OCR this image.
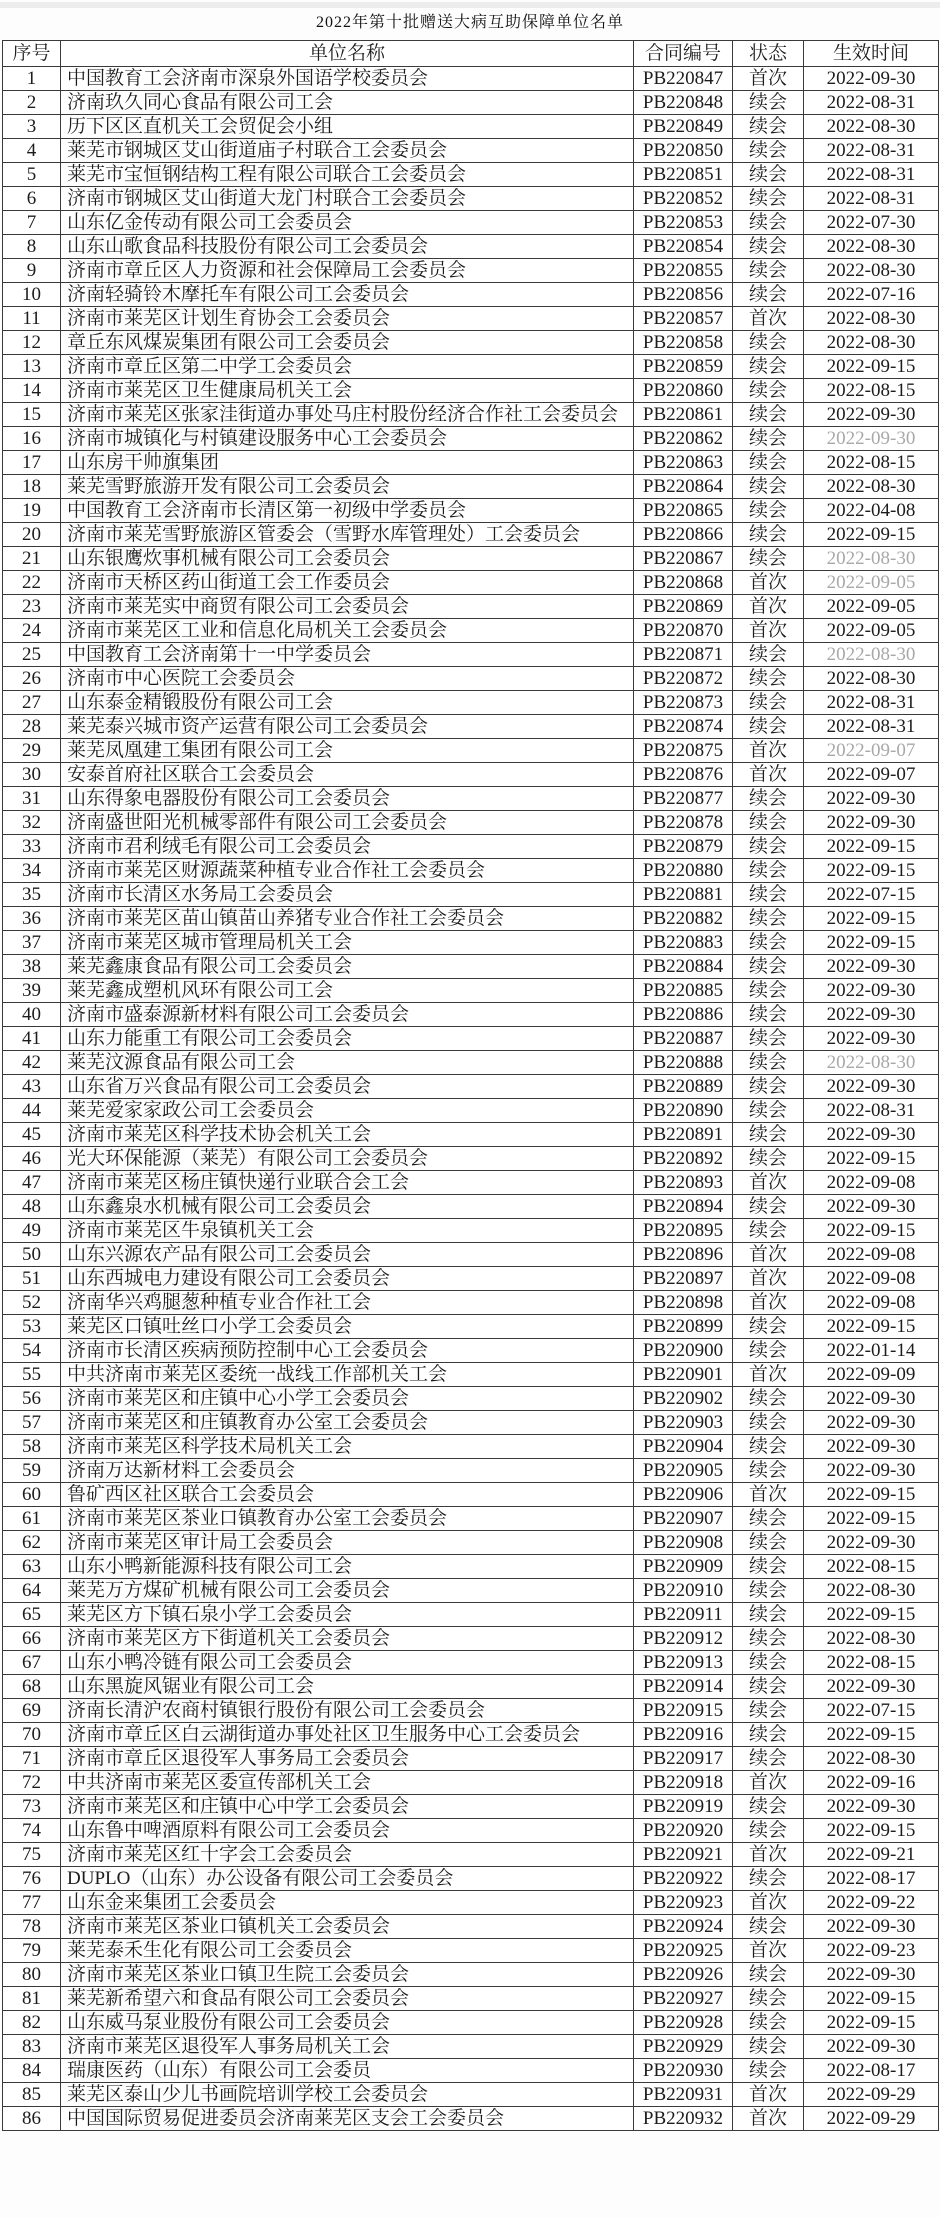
2022年第十批赠送大病互助保障单位名单
序号	单位名称	合同编号	状态	生效时间
1	中国教育工会济南市深泉外国语学校委员会	PB220847	首次	2022-09-30
2	济南玖久同心食品有限公司工会	PB220848	续会	2022-08-31
3	历下区区直机关工会贸促会小组	PB220849	续会	2022-08-30
4	莱芜市钢城区艾山街道庙子村联合工会委员会	PB220850	续会	2022-08-31
5	莱芜市宝恒钢结构工程有限公司联合工会委员会	PB220851	续会	2022-08-31
6	济南市钢城区艾山街道大龙门村联合工会委员会	PB220852	续会	2022-08-31
7	山东亿金传动有限公司工会委员会	PB220853	续会	2022-07-30
8	山东山歌食品科技股份有限公司工会委员会	PB220854	续会	2022-08-30
9	济南市章丘区人力资源和社会保障局工会委员会	PB220855	续会	2022-08-30
10	济南轻骑铃木摩托车有限公司工会委员会	PB220856	续会	2022-07-16
11	济南市莱芜区计划生育协会工会委员会	PB220857	首次	2022-08-30
12	章丘东风煤炭集团有限公司工会委员会	PB220858	续会	2022-08-30
13	济南市章丘区第二中学工会委员会	PB220859	续会	2022-09-15
14	济南市莱芜区卫生健康局机关工会	PB220860	续会	2022-08-15
15	济南市莱芜区张家洼街道办事处马庄村股份经济合作社工会委员会	PB220861	续会	2022-09-30
16	济南市城镇化与村镇建设服务中心工会委员会	PB220862	续会	2022-09-30
17	山东房干帅旗集团	PB220863	续会	2022-08-15
18	莱芜雪野旅游开发有限公司工会委员会	PB220864	续会	2022-08-30
19	中国教育工会济南市长清区第一初级中学委员会	PB220865	续会	2022-04-08
20	济南市莱芜雪野旅游区管委会（雪野水库管理处）工会委员会	PB220866	续会	2022-09-15
21	山东银鹰炊事机械有限公司工会委员会	PB220867	续会	2022-08-30
22	济南市天桥区药山街道工会工作委员会	PB220868	首次	2022-09-05
23	济南市莱芜实中商贸有限公司工会委员会	PB220869	首次	2022-09-05
24	济南市莱芜区工业和信息化局机关工会委员会	PB220870	首次	2022-09-05
25	中国教育工会济南第十一中学委员会	PB220871	续会	2022-08-30
26	济南市中心医院工会委员会	PB220872	续会	2022-08-30
27	山东泰金精锻股份有限公司工会	PB220873	续会	2022-08-31
28	莱芜泰兴城市资产运营有限公司工会委员会	PB220874	续会	2022-08-31
29	莱芜凤凰建工集团有限公司工会	PB220875	首次	2022-09-07
30	安泰首府社区联合工会委员会	PB220876	首次	2022-09-07
31	山东得象电器股份有限公司工会委员会	PB220877	续会	2022-09-30
32	济南盛世阳光机械零部件有限公司工会委员会	PB220878	续会	2022-09-30
33	济南市君利绒毛有限公司工会委员会	PB220879	续会	2022-09-15
34	济南市莱芜区财源蔬菜种植专业合作社工会委员会	PB220880	续会	2022-09-15
35	济南市长清区水务局工会委员会	PB220881	续会	2022-07-15
36	济南市莱芜区苗山镇苗山养猪专业合作社工会委员会	PB220882	续会	2022-09-15
37	济南市莱芜区城市管理局机关工会	PB220883	续会	2022-09-15
38	莱芜鑫康食品有限公司工会委员会	PB220884	续会	2022-09-30
39	莱芜鑫成塑机风环有限公司工会	PB220885	续会	2022-09-30
40	济南市盛泰源新材料有限公司工会委员会	PB220886	续会	2022-09-30
41	山东力能重工有限公司工会委员会	PB220887	续会	2022-09-30
42	莱芜汶源食品有限公司工会	PB220888	续会	2022-08-30
43	山东省万兴食品有限公司工会委员会	PB220889	续会	2022-09-30
44	莱芜爱家家政公司工会委员会	PB220890	续会	2022-08-31
45	济南市莱芜区科学技术协会机关工会	PB220891	续会	2022-09-30
46	光大环保能源（莱芜）有限公司工会委员会	PB220892	续会	2022-09-15
47	济南市莱芜区杨庄镇快递行业联合会工会	PB220893	首次	2022-09-08
48	山东鑫泉水机械有限公司工会委员会	PB220894	续会	2022-09-30
49	济南市莱芜区牛泉镇机关工会	PB220895	续会	2022-09-15
50	山东兴源农产品有限公司工会委员会	PB220896	首次	2022-09-08
51	山东西城电力建设有限公司工会委员会	PB220897	首次	2022-09-08
52	济南华兴鸡腿葱种植专业合作社工会	PB220898	首次	2022-09-08
53	莱芜区口镇吐丝口小学工会委员会	PB220899	续会	2022-09-15
54	济南市长清区疾病预防控制中心工会委员会	PB220900	续会	2022-01-14
55	中共济南市莱芜区委统一战线工作部机关工会	PB220901	首次	2022-09-09
56	济南市莱芜区和庄镇中心小学工会委员会	PB220902	续会	2022-09-30
57	济南市莱芜区和庄镇教育办公室工会委员会	PB220903	续会	2022-09-30
58	济南市莱芜区科学技术局机关工会	PB220904	续会	2022-09-30
59	济南万达新材料工会委员会	PB220905	续会	2022-09-30
60	鲁矿西区社区联合工会委员会	PB220906	首次	2022-09-15
61	济南市莱芜区茶业口镇教育办公室工会委员会	PB220907	续会	2022-09-15
62	济南市莱芜区审计局工会委员会	PB220908	续会	2022-09-30
63	山东小鸭新能源科技有限公司工会	PB220909	续会	2022-08-15
64	莱芜万方煤矿机械有限公司工会委员会	PB220910	续会	2022-08-30
65	莱芜区方下镇石泉小学工会委员会	PB220911	续会	2022-09-15
66	济南市莱芜区方下街道机关工会委员会	PB220912	续会	2022-08-30
67	山东小鸭冷链有限公司工会委员会	PB220913	续会	2022-08-15
68	山东黑旋风锯业有限公司工会	PB220914	续会	2022-09-30
69	济南长清沪农商村镇银行股份有限公司工会委员会	PB220915	续会	2022-07-15
70	济南市章丘区白云湖街道办事处社区卫生服务中心工会委员会	PB220916	续会	2022-09-15
71	济南市章丘区退役军人事务局工会委员会	PB220917	续会	2022-08-30
72	中共济南市莱芜区委宣传部机关工会	PB220918	首次	2022-09-16
73	济南市莱芜区和庄镇中心中学工会委员会	PB220919	续会	2022-09-30
74	山东鲁中啤酒原料有限公司工会委员会	PB220920	续会	2022-09-15
75	济南市莱芜区红十字会工会委员会	PB220921	首次	2022-09-21
76	DUPLO（山东）办公设备有限公司工会委员会	PB220922	续会	2022-08-17
77	山东金来集团工会委员会	PB220923	首次	2022-09-22
78	济南市莱芜区茶业口镇机关工会委员会	PB220924	续会	2022-09-30
79	莱芜泰禾生化有限公司工会委员会	PB220925	首次	2022-09-23
80	济南市莱芜区茶业口镇卫生院工会委员会	PB220926	续会	2022-09-30
81	莱芜新希望六和食品有限公司工会委员会	PB220927	续会	2022-09-15
82	山东威马泵业股份有限公司工会委员会	PB220928	续会	2022-09-15
83	济南市莱芜区退役军人事务局机关工会	PB220929	续会	2022-09-30
84	瑞康医药（山东）有限公司工会委员	PB220930	续会	2022-08-17
85	莱芜区泰山少儿书画院培训学校工会委员会	PB220931	首次	2022-09-29
86	中国国际贸易促进委员会济南莱芜区支会工会委员会	PB220932	首次	2022-09-29
